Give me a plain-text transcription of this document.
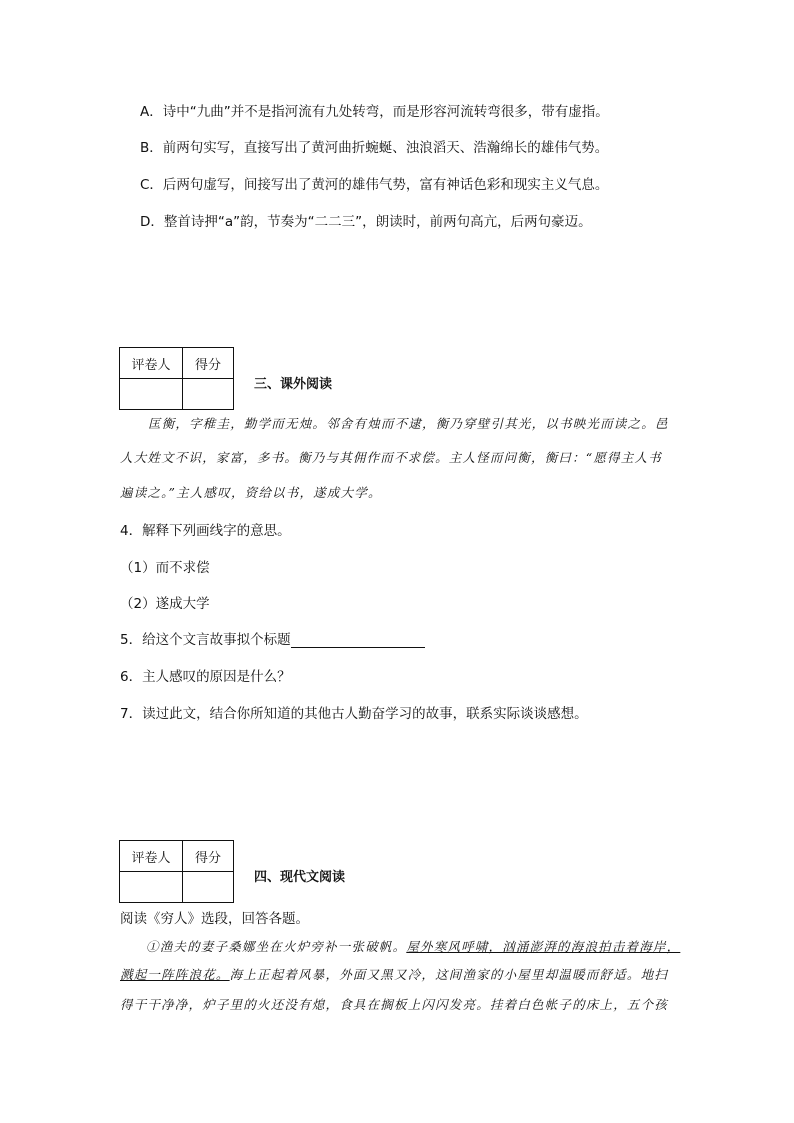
A．诗中“九曲”并不是指河流有九处转弯，而是形容河流转弯很多，带有虚指。
B．前两句实写，直接写出了黄河曲折蜿蜒、浊浪滔天、浩瀚绵长的雄伟气势。
C．后两句虚写，间接写出了黄河的雄伟气势，富有神话色彩和现实主义气息。
D．整首诗押“a”韵，节奏为“二二三”，朗读时，前两句高亢，后两句豪迈。
评卷人	得分

三、课外阅读
匡衡，字稚圭，勤学而无烛。邻舍有烛而不逮，衡乃穿壁引其光，以书映光而读之。邑
人大姓文不识，家富，多书。衡乃与其佣作而不求偿。主人怪而问衡，衡曰：“愿得主人书
遍读之。”主人感叹，资给以书，遂成大学。
4．解释下列画线字的意思。
（1）而不求偿
（2）遂成大学
5．给这个文言故事拟个标题
6．主人感叹的原因是什么？
7．读过此文，结合你所知道的其他古人勤奋学习的故事，联系实际谈谈感想。
评卷人	得分

四、现代文阅读
阅读《穷人》选段，回答各题。
①渔夫的妻子桑娜坐在火炉旁补一张破帆。屋外寒风呼啸，汹涌澎湃的海浪拍击着海岸，
溅起一阵阵浪花。海上正起着风暴，外面又黑又冷，这间渔家的小屋里却温暖而舒适。地扫
得干干净净，炉子里的火还没有熄，食具在搁板上闪闪发亮。挂着白色帐子的床上，五个孩
